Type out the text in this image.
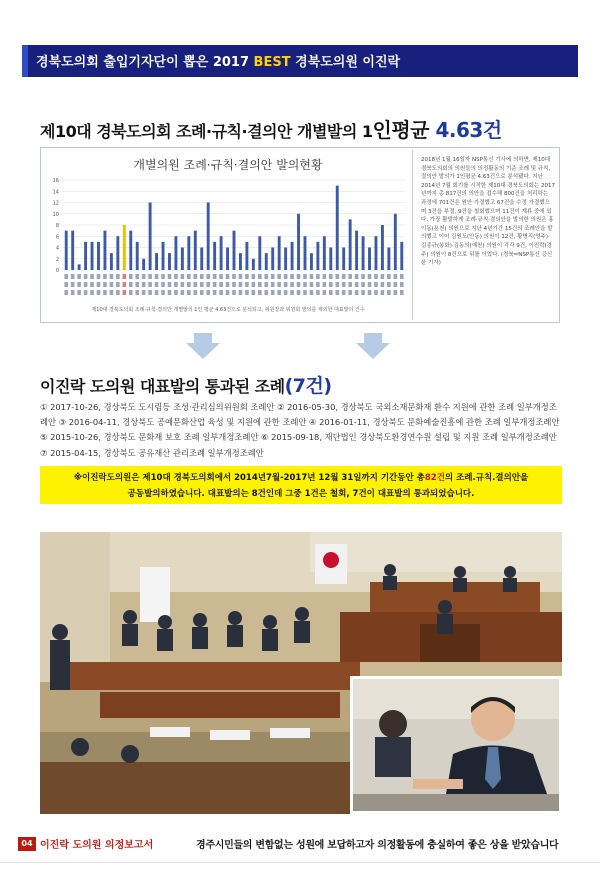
경북도의회 출입기자단이 뽑은 2017 BEST 경북도의원 이진락
제10대 경북도의회 조례·규칙·결의안 개별발의 1인평균 4.63건
개별의원 조례·규칙·결의안 발의현황
0
2
4
6
8
10
12
14
16
제10대 경북도의회 조례·규칙·결의안 개별발의 1인 평균 4.63건으로 분석되고, 위원장과 위원회 발의를 제외한 대표발의 건수
2018년 1월 16일자 NSP통신 기사에 의하면, 제10대 경북도의회의 의원들의 의정활동의 기준 조례 및 규칙, 결의안 발의가 1인평균 4.63건으로 분석됐다. 지난 2014년 7월 회기를 시작한 제10대 경북도의회는 2017년까지 총 817건의 의안을 접수해 800건을 처리하는 과정에 701건은 원안 가결했고 67건을 수정 가결했으며 3건을 부결, 9건을 철회했으며 11건이 계류 중에 있다. 가장 활발하게 조례·규칙·결의안을 발의한 의원은 홍이동(용천) 의원으로 지난 4년기간 15건의 조례안을 발의했고 이어 김원도(안동) 의원이 12건, 황병직(영주)·김종규(봉화)·김동의(예천) 의원이 각각 9건, 이진락(경주) 의원이 8건으로 뒤를 이었다. (경북=NSP통신 강신윤 기자)
이진락 도의원 대표발의 통과된 조례(7건)
① 2017-10-26, 경상북도 도시림등 조성·관리심의위원회 조례안 ② 2016-05-30, 경상북도 국외소재문화재 환수 지원에 관한 조례 일부개정조례안 ③ 2016-04-11, 경상북도 공예문화산업 육성 및 지원에 관한 조례안 ④ 2016-01-11, 경상북도 문화예술진흥에 관한 조례 일부개정조례안 ⑤ 2015-10-26, 경상북도 문화재 보호 조례 일부개정조례안 ⑥ 2015-09-18, 재단법인 경상북도환경연수원 설립 및 지원 조례 일부개정조례안 ⑦ 2015-04-15, 경상북도 공유재산 관리조례 일부개정조례안
※이진락도의원은 제10대 경북도의회에서 2014년7월-2017년 12월 31일까지 기간동안 총82건의 조례.규칙.결의안을
공동발의하였습니다. 대표발의는 8건인데 그중 1건은 철회, 7건이 대표발의 통과되었습니다.
04 이진락 도의원 의정보고서	경주시민들의 변함없는 성원에 보답하고자 의정활동에 충실하여 좋은 상을 받았습니다
